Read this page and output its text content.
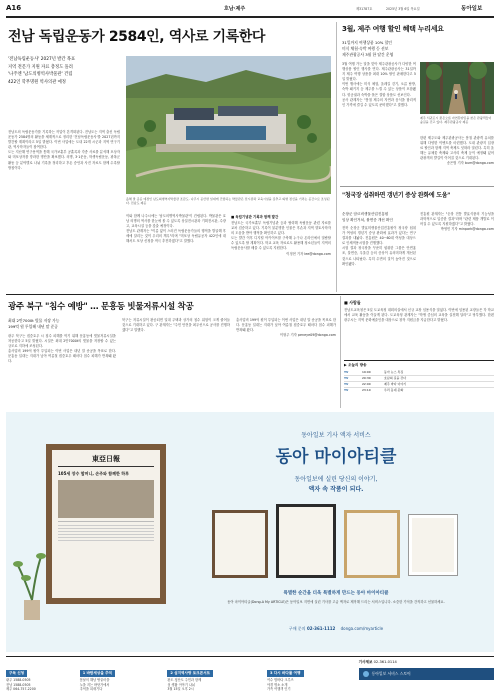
A16	호남·제주	제31787호	2025년 3월 6일 목요일	동아일보
전남 독립운동가 2584인, 역사로 기록한다
'전남독립운동사' 2027년 발간 목표
지역 전문가 지원 자료 총정도 돌려
'나주엔 '남도의병역사박물관' 건립
422인 학무명원 역사의관 예정

전남도의 독립운동가를 기록하는 작업이 본격화된다. 전남도는 지역 출신 독립운동가 2584명의 활동을 체계적으로 정리한 '전남독립운동사'를 2027년까지 발간할 계획이라고 5일 밝혔다. 이번 사업에는 도내 22개 시군과 지역 연구기관, 역사학자들이 참여한다.

도는 지난해 연구용역을 통해 국가보훈부 공훈록과 각종 사료를 분석해 포상자와 미포상자를 망라한 명단을 확보했다. 의병, 3·1운동, 학생독립운동, 광복군 활동 등 분야별로 나눠 기록을 정리하고 후손 증언과 사진 자료도 함께 수록할 방침이다.

올해 말 준공 예정인 남도의병역사박물관 조감도. 나주시 공산면 일대에 건립되는 박물관은 전시관과 교육시설을 갖추고 의병 정신을 기리는 공간으로 조성된다. 전남도 제공

이와 함께 나주시에는 '남도의병역사박물관'이 건립된다. 박물관은 호남 의병의 역사를 한눈에 볼 수 있도록 상설전시관과 기획전시관, 수장고, 교육시설 등을 갖출 예정이다.

전남도 관계자는 "이름 없이 스러진 독립운동가들의 행적을 발굴해 후세에 알리는 것이 우리의 책무"라며 "미포상 독립유공자 422인에 대해서도 포상 신청을 적극 추진하겠다"고 말했다.

■ 독립기념관 기록과 함께 발간

전남도는 국가보훈부 독립기념관 등과 협력해 독립운동 관련 자료를 교차 검증하고 있다. 기록이 불분명한 인물은 후손과 지역 향토사학자의 도움을 받아 행적을 확인하고 있다.

도는 발간 이후 디지털 아카이브를 구축해 누구나 온라인에서 열람할 수 있도록 할 계획이다. 학교 교육 자료로도 활용해 청소년들이 지역의 독립운동사를 배울 수 있도록 지원한다.

이정현 기자 lee@donga.com

3월, 제주 여행 할인 혜택 누리세요
31일까지 여행상품 10% 할인
미식 체험·숙박 여행 등 선보
제주관광공사 3월 한 달간 운영

3월 여행 가는 달을 맞아 제주관광공사가 다양한 여행상품 할인 행사를 연다. 제주관광공사는 31일까지 제주 여행 상품을 최대 10% 할인 판매한다고 5일 밝혔다.

이번 행사에는 미식 체험, 올레길 걷기, 오름 탐방, 숙박 패키지 등 제주를 느낄 수 있는 상품이 포함됐다. 항공권과 숙박을 묶은 결합 상품도 선보인다.

공사 관계자는 "봄철 제주의 자연과 음식을 합리적인 가격에 즐길 수 있도록 준비했다"고 말했다.

제주 서귀포시 붉은오름 자연휴양림을 찾은 관광객들이 숲길을 걷고 있다. 제주관광공사 제공

한편 제주도와 제주관광공사는 봄철 관광객 유치를 위해 다양한 이벤트를 마련했다. 도내 관광지 입장료 할인과 함께 지역 축제도 잇따라 열린다. 특히 올해는 유채꽃 축제와 고사리 축제 등이 예정돼 있어 관광객의 발길이 이어질 것으로 기대된다.

송은범 기자 bum@donga.com

"청국장 섭취하면 갱년기 증상 완화에 도움"
순창군 암르비생물산업진흥원
임상 확인거쳐, 불면증 개선 확인

전북 순창군 발효미생물산업진흥원이 청국장 섭취가 여성의 갱년기 증상 완화에 효과가 있다는 연구 결과를 내놨다. 진흥원은 40~60대 여성을 대상으로 인체적용시험을 진행했다.

시험 결과 청국장을 꾸준히 섭취한 그룹은 안면홍조, 불면증, 우울감 등의 증상이 유의미하게 개선된 것으로 나타났다. 특히 수면의 질이 높아진 것으로 확인됐다.

진흥원 관계자는 "순창 전통 발효식품의 기능성을 과학적으로 입증한 결과"라며 "관련 제품 개발로 이어질 수 있도록 지원하겠다"고 밝혔다.

박영민 기자 minpark@donga.com

광주 북구 "침수 예방" … 문흥동 빗물저류시설 착공
최대 2만7000t 빗물 저장 가능
199억 원 투입해 내년 말 준공

광주 북구는 집중호우 시 침수 피해를 막기 위해 문흥동에 빗물저류시설을 착공한다고 5일 밝혔다. 시설은 최대 2만7000t의 빗물을 저장할 수 있는 규모로 지하에 조성된다.

총사업비 199억 원이 투입되는 이번 사업은 내년 말 준공을 목표로 한다. 문흥동 일대는 지대가 낮아 여름철 집중호우 때마다 침수 피해가 반복돼 왔다.

북구는 저류시설이 완공되면 일대 주택과 상가의 침수 위험이 크게 줄어들 것으로 기대하고 있다. 구 관계자는 "주민 안전을 최우선으로 공사를 진행하겠다"고 말했다.

총사업비 199억 원이 투입되는 이번 사업은 내년 말 준공을 목표로 한다. 문흥동 일대는 지대가 낮아 여름철 집중호우 때마다 침수 피해가 반복돼 왔다.

이형주 기자 peneye09@donga.com

■ 사람들

전남도교육청은 5일 도교육청 대회의실에서 신규 교장 임용식을 열었다. 이번에 임용된 교장들은 각 학교에서 교육 활동을 이끌게 된다. 도교육청 관계자는 "학생 중심의 교육을 실천해 달라"고 당부했다. 한편 광주시는 지역 문화예술인을 대상으로 창작 지원금을 지급한다고 밝혔다.

▶ 오늘의 방송
TV	19:00	동아 뉴스 특집
TV	20:30	호남의 길을 걷다
TV	22:00	제주 바다 이야기
TV	23:10	우리 동네 문화
東亞日報
105세 장수 할머니, 손주와 함께한 하루
동아일보 기사 액자 서비스
동아 마이아티클
동아일보에 실린 당신의 이야기,
액자 속 작품이 되다.
특별한 순간을 더욱 특별하게 만드는 동아 마이아티클
동아 마이아티클(Dong-A My ARTICLE)은 동아일보 지면에 실린 기사를 고급 액자로 제작해 드리는 서비스입니다. 소중한 기억을 간직하고 선물하세요.
구매 문의 02-361-1112 donga.com/myarticle
구독 신청
광주 1588-0505
전남 1588-0505
제주 064-757-2200
1 바람세상을 추억
봄날의 해남 땅끝마을
노을 지는 바닷가에서
추억을 되새기다
2 섬지역사랑 토크콘서트
완도 청산도 주민과 함께
섬 생활 이야기 나눠
3월 15일 오후 2시
3 다시 바다를 여행
여수 밤바다 크루즈
야경 명소 소개
가족 여행객 인기
기사제보 02-361-0114
동아일보 서비스 스토어
